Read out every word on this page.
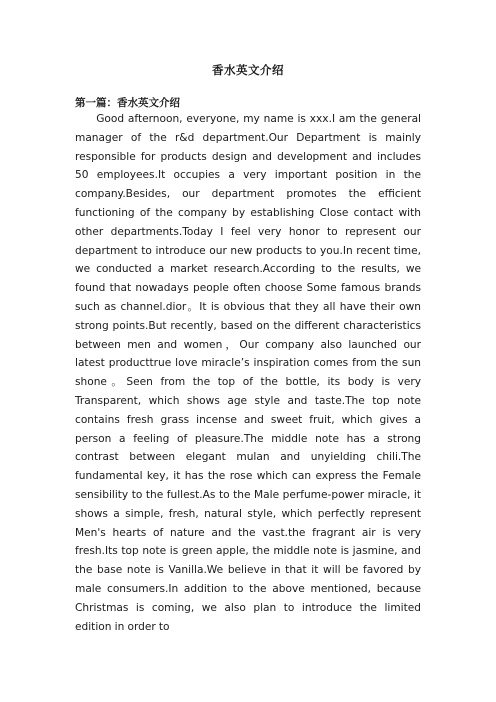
香水英文介绍
第一篇：香水英文介绍

Good afternoon, everyone, my name is xxx.I am the general manager of the r&d department.Our Department is mainly responsible for products design and development and includes 50 employees.It occupies a very important position in the company.Besides, our department promotes the efficient functioning of the company by establishing Close contact with other departments.Today I feel very honor to represent our department to introduce our new products to you.In recent time, we conducted a market research.According to the results, we found that nowadays people often choose Some famous brands such as channel.dior。It is obvious that they all have their own strong points.But recently, based on the different characteristics between men and women，Our company also launched our latest producttrue love miracle’s inspiration comes from the sun shone。Seen from the top of the bottle, its body is very Transparent, which shows age style and taste.The top note contains fresh grass incense and sweet fruit, which gives a person a feeling of pleasure.The middle note has a strong contrast between elegant mulan and unyielding chili.The fundamental key, it has the rose which can express the Female sensibility to the fullest.As to the Male perfume-power miracle, it shows a simple, fresh, natural style, which perfectly represent Men's hearts of nature and the vast.the fragrant air is very fresh.Its top note is green apple, the middle note is jasmine, and the base note is Vanilla.We believe in that it will be favored by male consumers.In addition to the above mentioned, because Christmas is coming, we also plan to introduce the limited edition in order to
